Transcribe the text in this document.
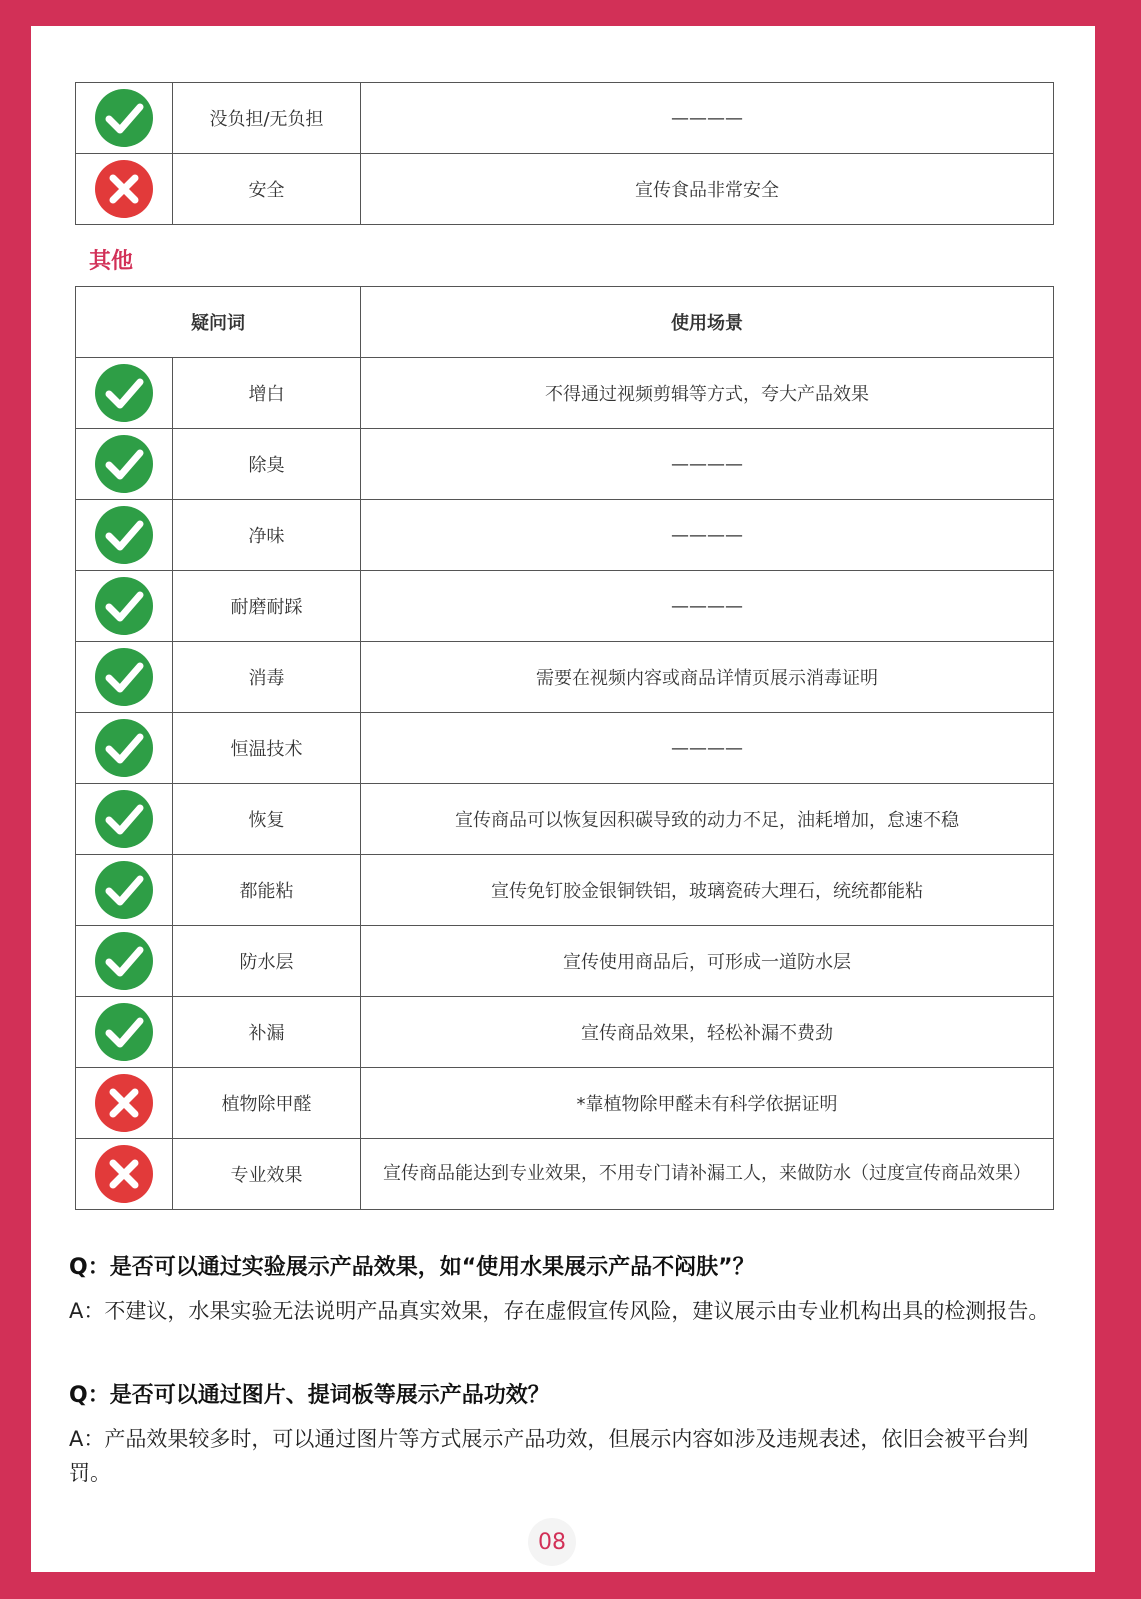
	没负担/无负担	————

	安全	宣传食品非常安全
其他
疑问词		使用场景

	增白	不得通过视频剪辑等方式，夸大产品效果

	除臭	————

	净味	————

	耐磨耐踩	————

	消毒	需要在视频内容或商品详情页展示消毒证明

	恒温技术	————

	恢复	宣传商品可以恢复因积碳导致的动力不足，油耗增加，怠速不稳

	都能粘	宣传免钉胶金银铜铁铝，玻璃瓷砖大理石，统统都能粘

	防水层	宣传使用商品后，可形成一道防水层

	补漏	宣传商品效果，轻松补漏不费劲

	植物除甲醛	*靠植物除甲醛未有科学依据证明

	专业效果	宣传商品能达到专业效果，不用专门请补漏工人，来做防水（过度宣传商品效果）
Q：是否可以通过实验展示产品效果，如“使用水果展示产品不闷肤”？
A：不建议，水果实验无法说明产品真实效果，存在虚假宣传风险，建议展示由专业机构出具的检测报告。
Q：是否可以通过图片、提词板等展示产品功效？
A：产品效果较多时，可以通过图片等方式展示产品功效，但展示内容如涉及违规表述，依旧会被平台判罚。
08
